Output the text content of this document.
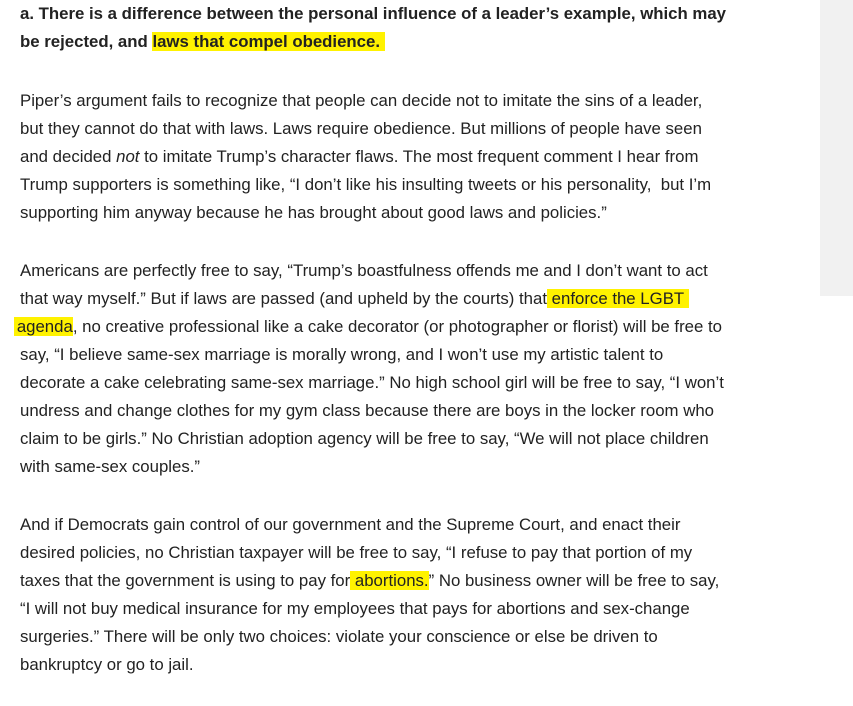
a. There is a difference between the personal influence of a leader’s example, which may
be rejected, and laws that compel obedience.
Piper’s argument fails to recognize that people can decide not to imitate the sins of a leader,
but they cannot do that with laws. Laws require obedience. But millions of people have seen
and decided not to imitate Trump’s character flaws. The most frequent comment I hear from
Trump supporters is something like, “I don’t like his insulting tweets or his personality,  but I’m
supporting him anyway because he has brought about good laws and policies.”
Americans are perfectly free to say, “Trump’s boastfulness offends me and I don’t want to act
that way myself.” But if laws are passed (and upheld by the courts) that enforce the LGBT
  agenda, no creative professional like a cake decorator (or photographer or florist) will be free to
say, “I believe same-sex marriage is morally wrong, and I won’t use my artistic talent to
decorate a cake celebrating same-sex marriage.” No high school girl will be free to say, “I won’t
undress and change clothes for my gym class because there are boys in the locker room who
claim to be girls.” No Christian adoption agency will be free to say, “We will not place children
with same-sex couples.”
And if Democrats gain control of our government and the Supreme Court, and enact their
desired policies, no Christian taxpayer will be free to say, “I refuse to pay that portion of my
taxes that the government is using to pay for abortions.” No business owner will be free to say,
“I will not buy medical insurance for my employees that pays for abortions and sex-change
surgeries.” There will be only two choices: violate your conscience or else be driven to
bankruptcy or go to jail.
